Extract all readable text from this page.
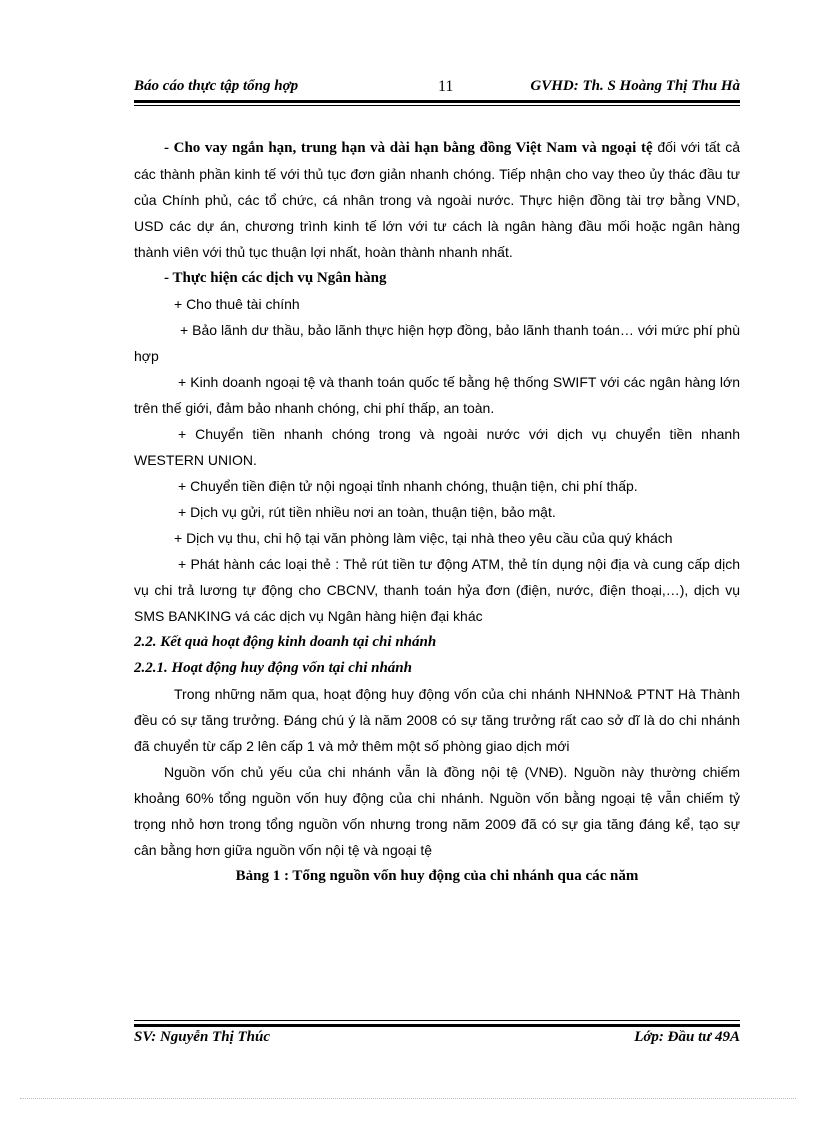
Báo cáo thực tập tổng hợp	11	GVHD: Th. S Hoàng Thị Thu Hà

- Cho vay ngắn hạn, trung hạn và dài hạn bằng đồng Việt Nam và ngoại tệ đối với tất cả các thành phần kinh tế với thủ tục đơn giản nhanh chóng. Tiếp nhận cho vay theo ủy thác đầu tư của Chính phủ, các tổ chức, cá nhân trong và ngoài nước. Thực hiện đồng tài trợ bằng VND, USD các dự án, chương trình kinh tế lớn với tư cách là ngân hàng đầu mối hoặc ngân hàng thành viên với thủ tục thuận lợi nhất, hoàn thành nhanh nhất.

- Thực hiện các dịch vụ Ngân hàng

+ Cho thuê tài chính

+ Bảo lãnh dư thầu, bảo lãnh thực hiện hợp đồng, bảo lãnh thanh toán… với mức phí phù hợp

+ Kinh doanh ngoại tệ và thanh toán quốc tế bằng hệ thống SWIFT với các ngân hàng lớn trên thế giới, đảm bảo nhanh chóng, chi phí thấp, an toàn.

+ Chuyển tiền nhanh chóng trong và ngoài nước với dịch vụ chuyển tiền nhanh WESTERN UNION.

+ Chuyển tiền điện tử nội ngoại tỉnh nhanh chóng, thuận tiện, chi phí thấp.

+ Dịch vụ gửi, rút tiền nhiều nơi an toàn, thuận tiện, bảo mật.

+ Dịch vụ thu, chi hộ tại văn phòng làm việc, tại nhà theo yêu cầu của quý khách

+ Phát hành các loại thẻ : Thẻ rút tiền tư động ATM, thẻ tín dụng nội địa và cung cấp dịch vụ chi trả lương tự động cho CBCNV, thanh toán hỷa đơn (điện, nước, điện thoại,…), dịch vụ SMS BANKING vá các dịch vụ Ngân hàng hiện đại khác

2.2. Kết quả hoạt động kinh doanh tại chi nhánh

2.2.1. Hoạt động huy động vốn tại chi nhánh

Trong những năm qua, hoạt động huy động vốn của chi nhánh NHNNo& PTNT Hà Thành đều có sự tăng trưởng. Đáng chú ý là năm 2008 có sự tăng trưởng rất cao sở dĩ là do chi nhánh đã chuyển từ cấp 2 lên cấp 1 và mở thêm một số phòng giao dịch mới

Nguồn vốn chủ yếu của chi nhánh vẫn là đồng nội tệ (VNĐ). Nguồn này thường chiếm khoảng 60% tổng nguồn vốn huy động của chi nhánh. Nguồn vốn bằng ngoại tệ vẫn chiếm tỷ trọng nhỏ hơn trong tổng nguồn vốn nhưng trong năm 2009 đã có sự gia tăng đáng kể, tạo sự cân bằng hơn giữa nguồn vốn nội tệ và ngoại tệ

Bảng 1 : Tổng nguồn vốn huy động của chi nhánh qua các năm

SV: Nguyễn Thị Thúc	Lớp: Đầu tư 49A
